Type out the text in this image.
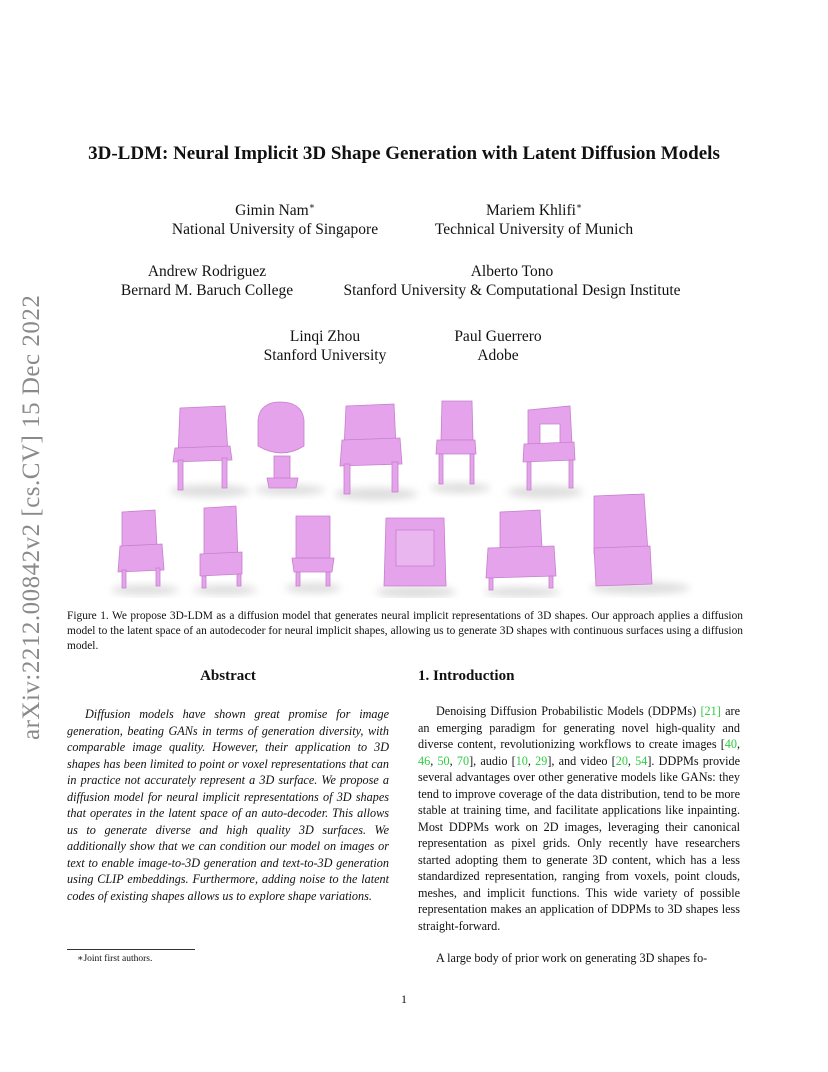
arXiv:2212.00842v2 [cs.CV] 15 Dec 2022
3D-LDM: Neural Implicit 3D Shape Generation with Latent Diffusion Models
Gimin Nam∗
National University of Singapore
Mariem Khlifi∗
Technical University of Munich
Andrew Rodriguez
Bernard M. Baruch College
Alberto Tono
Stanford University & Computational Design Institute
Linqi Zhou
Stanford University
Paul Guerrero
Adobe
Figure 1. We propose 3D-LDM as a diffusion model that generates neural implicit representations of 3D shapes. Our approach applies a diffusion model to the latent space of an autodecoder for neural implicit shapes, allowing us to generate 3D shapes with continuous surfaces using a diffusion model.
Abstract

Diffusion models have shown great promise for image generation, beating GANs in terms of generation diversity, with comparable image quality. However, their application to 3D shapes has been limited to point or voxel representations that can in practice not accurately represent a 3D surface. We propose a diffusion model for neural implicit representations of 3D shapes that operates in the latent space of an auto-decoder. This allows us to generate diverse and high quality 3D surfaces. We additionally show that we can condition our model on images or text to enable image-to-3D generation and text-to-3D generation using CLIP embeddings. Furthermore, adding noise to the latent codes of existing shapes allows us to explore shape variations.

1. Introduction

Denoising Diffusion Probabilistic Models (DDPMs) [21] are an emerging paradigm for generating novel high-quality and diverse content, revolutionizing workflows to create images [40, 46, 50, 70], audio [10, 29], and video [20, 54]. DDPMs provide several advantages over other generative models like GANs: they tend to improve coverage of the data distribution, tend to be more stable at training time, and facilitate applications like inpainting. Most DDPMs work on 2D images, leveraging their canonical representation as pixel grids. Only recently have researchers started adopting them to generate 3D content, which has a less standardized representation, ranging from voxels, point clouds, meshes, and implicit functions. This wide variety of possible representation makes an application of DDPMs to 3D shapes less straight-forward.

A large body of prior work on generating 3D shapes fo-

∗Joint first authors.
1
